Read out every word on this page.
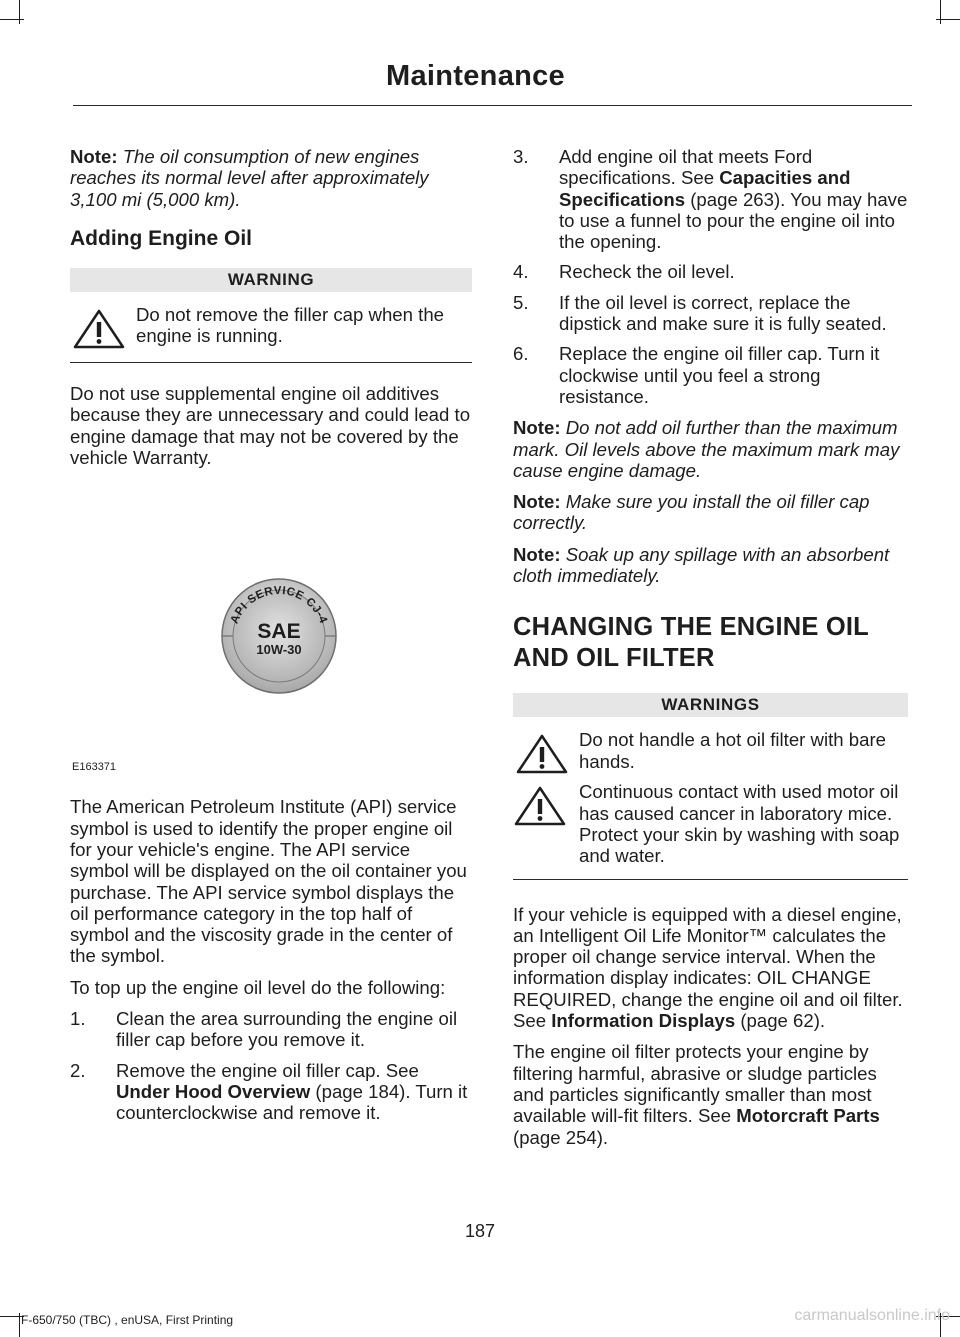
Maintenance

Note: The oil consumption of new engines reaches its normal level after approximately 3,100 mi (5,000 km).

Adding Engine Oil
WARNING
Do not remove the filler cap when the engine is running.

Do not use supplemental engine oil additives because they are unnecessary and could lead to engine damage that may not be covered by the vehicle Warranty.

API SERVICE CJ-4
SAE
10W-30
E163371

The American Petroleum Institute (API) service symbol is used to identify the proper engine oil for your vehicle's engine. The API service symbol will be displayed on the oil container you purchase. The API service symbol displays the oil performance category in the top half of symbol and the viscosity grade in the center of the symbol.

To top up the engine oil level do the following:

1. Clean the area surrounding the engine oil filler cap before you remove it.
2. Remove the engine oil filler cap. See Under Hood Overview (page 184). Turn it counterclockwise and remove it.
3. Add engine oil that meets Ford specifications. See Capacities and Specifications (page 263). You may have to use a funnel to pour the engine oil into the opening.
4. Recheck the oil level.
5. If the oil level is correct, replace the dipstick and make sure it is fully seated.
6. Replace the engine oil filler cap. Turn it clockwise until you feel a strong resistance.

Note: Do not add oil further than the maximum mark. Oil levels above the maximum mark may cause engine damage.

Note: Make sure you install the oil filler cap correctly.

Note: Soak up any spillage with an absorbent cloth immediately.

CHANGING THE ENGINE OIL AND OIL FILTER
WARNINGS
Do not handle a hot oil filter with bare hands.
Continuous contact with used motor oil has caused cancer in laboratory mice. Protect your skin by washing with soap and water.

If your vehicle is equipped with a diesel engine, an Intelligent Oil Life Monitor™ calculates the proper oil change service interval. When the information display indicates: OIL CHANGE REQUIRED, change the engine oil and oil filter. See Information Displays (page 62).

The engine oil filter protects your engine by filtering harmful, abrasive or sludge particles and particles significantly smaller than most available will-fit filters. See Motorcraft Parts (page 254).

187
F-650/750 (TBC) , enUSA, First Printing	carmanualsonline.info
